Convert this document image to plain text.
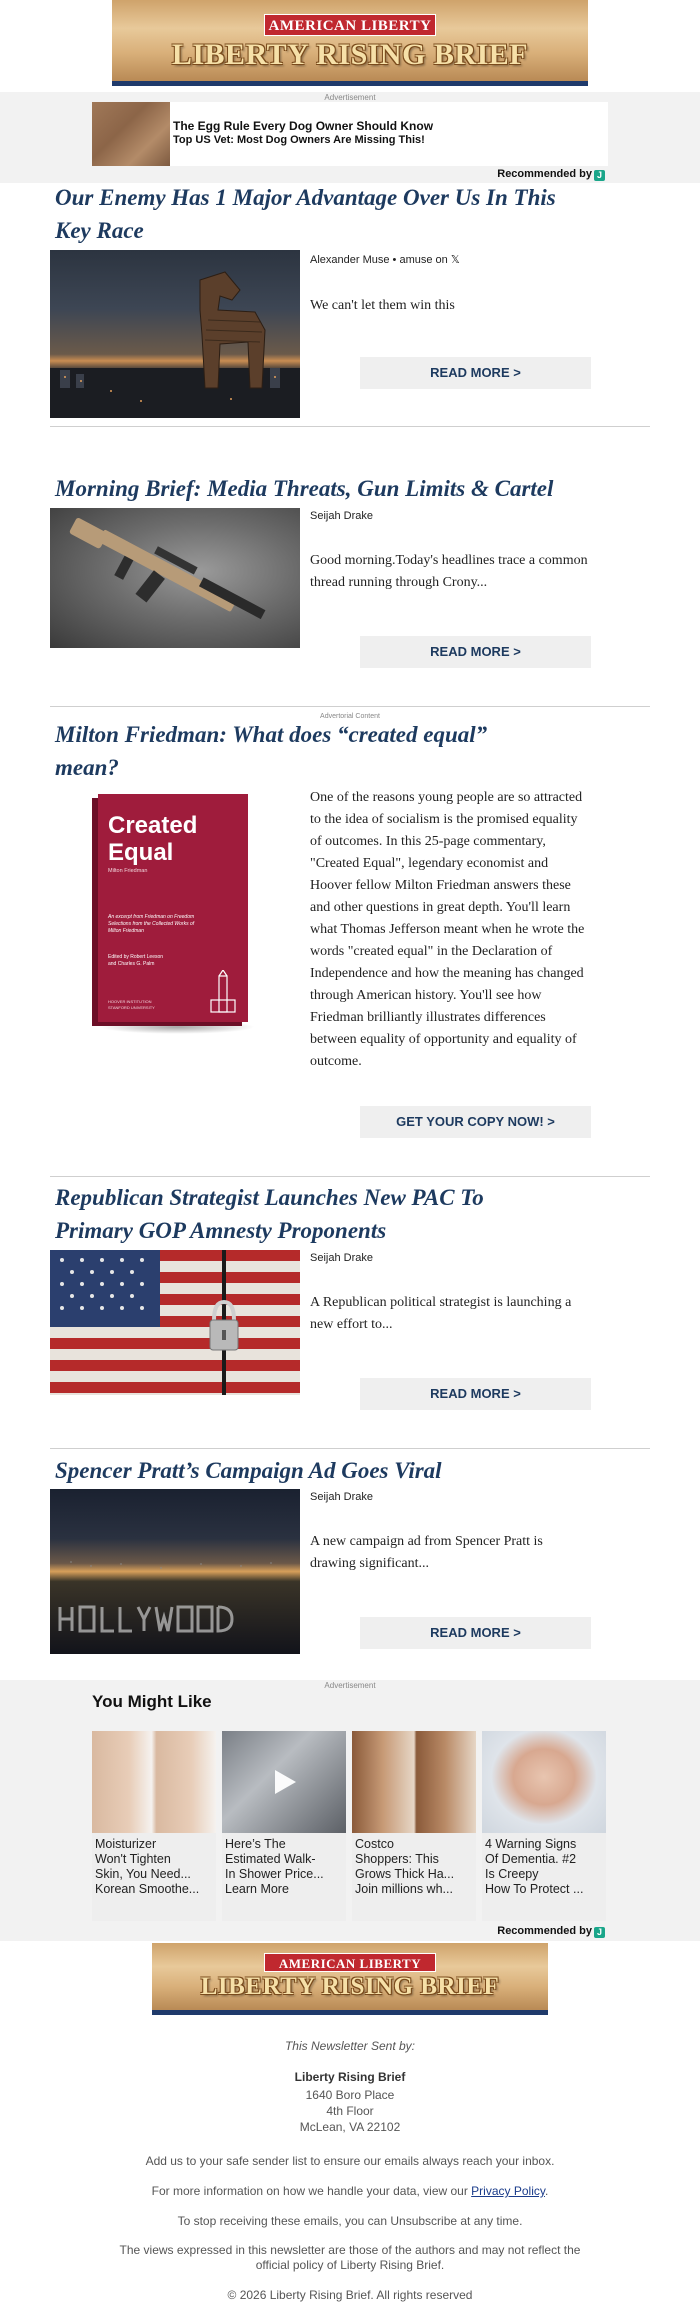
AMERICAN LIBERTY
LIBERTY RISING BRIEF
Advertisement
The Egg Rule Every Dog Owner Should Know
Top US Vet: Most Dog Owners Are Missing This!
Recommended by J
Our Enemy Has 1 Major Advantage Over Us In This
Key Race
Alexander Muse • amuse on 𝕏
We can't let them win this
READ MORE >
Morning Brief: Media Threats, Gun Limits & Cartel
Seijah Drake
Good morning.Today's headlines trace a common
thread running through Crony...
READ MORE >
Advertorial Content
Milton Friedman: What does “created equal”
mean?
Created
Equal
Milton Friedman
An excerpt from Friedman on Freedom
Selections from the Collected Works of
Milton Friedman
Edited by Robert Leeson
and Charles G. Palm
HOOVER INSTITUTION
STANFORD UNIVERSITY
One of the reasons young people are so attracted
to the idea of socialism is the promised equality
of outcomes. In this 25-page commentary,
"Created Equal", legendary economist and
Hoover fellow Milton Friedman answers these
and other questions in great depth. You'll learn
what Thomas Jefferson meant when he wrote the
words "created equal" in the Declaration of
Independence and how the meaning has changed
through American history. You'll see how
Friedman brilliantly illustrates differences
between equality of opportunity and equality of
outcome.
GET YOUR COPY NOW! >
Republican Strategist Launches New PAC To
Primary GOP Amnesty Proponents
Seijah Drake
A Republican political strategist is launching a
new effort to...
READ MORE >
Spencer Pratt’s Campaign Ad Goes Viral
Seijah Drake
A new campaign ad from Spencer Pratt is
drawing significant...
READ MORE >
Advertisement
You Might Like
Moisturizer
Won't Tighten
Skin, You Need...
Korean Smoothe...
Here’s The
Estimated Walk-
In Shower Price...
Learn More
Costco
Shoppers: This
Grows Thick Ha...
Join millions wh...
4 Warning Signs
Of Dementia. #2
Is Creepy
How To Protect ...
Recommended by J
AMERICAN LIBERTY
LIBERTY RISING BRIEF
This Newsletter Sent by:
Liberty Rising Brief
1640 Boro Place
4th Floor
McLean, VA 22102
Add us to your safe sender list to ensure our emails always reach your inbox.
For more information on how we handle your data, view our Privacy Policy.
To stop receiving these emails, you can Unsubscribe at any time.
The views expressed in this newsletter are those of the authors and may not reflect the
official policy of Liberty Rising Brief.
© 2026 Liberty Rising Brief. All rights reserved
